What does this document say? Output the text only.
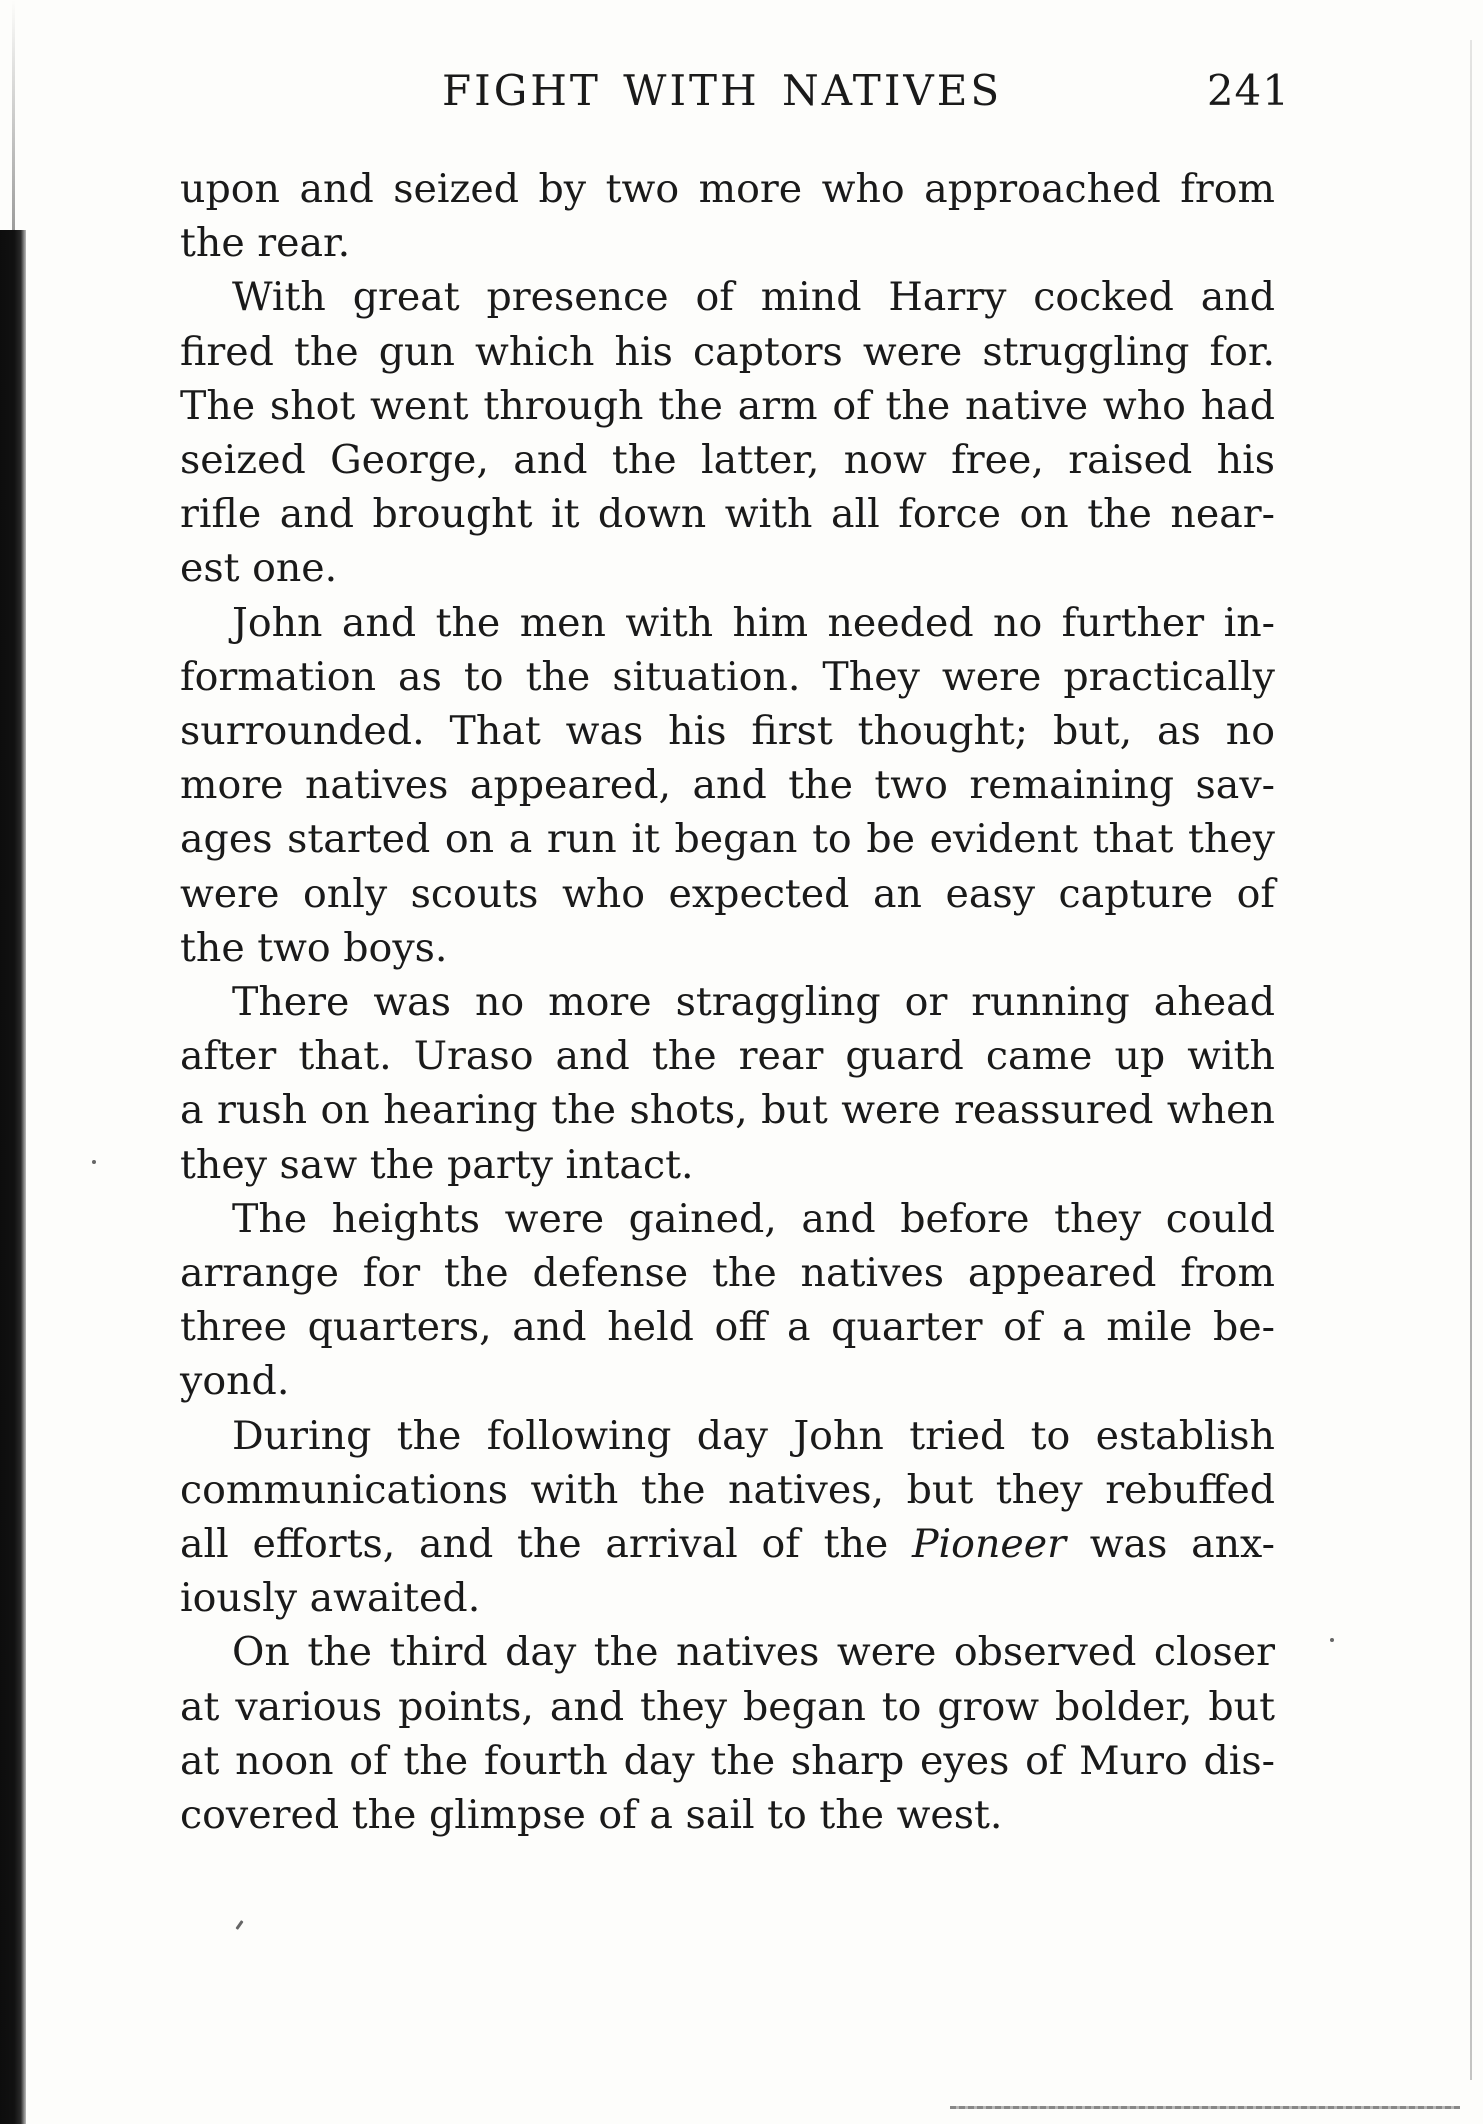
FIGHT WITH NATIVES	241
upon and seized by two more who approached from
the rear.
With great presence of mind Harry cocked and
fired the gun which his captors were struggling for.
The shot went through the arm of the native who had
seized George, and the latter, now free, raised his
rifle and brought it down with all force on the near-
est one.
John and the men with him needed no further in-
formation as to the situation. They were practically
surrounded. That was his first thought; but, as no
more natives appeared, and the two remaining sav-
ages started on a run it began to be evident that they
were only scouts who expected an easy capture of
the two boys.
There was no more straggling or running ahead
after that. Uraso and the rear guard came up with
a rush on hearing the shots, but were reassured when
they saw the party intact.
The heights were gained, and before they could
arrange for the defense the natives appeared from
three quarters, and held off a quarter of a mile be-
yond.
During the following day John tried to establish
communications with the natives, but they rebuffed
all efforts, and the arrival of the Pioneer was anx-
iously awaited.
On the third day the natives were observed closer
at various points, and they began to grow bolder, but
at noon of the fourth day the sharp eyes of Muro dis-
covered the glimpse of a sail to the west.
